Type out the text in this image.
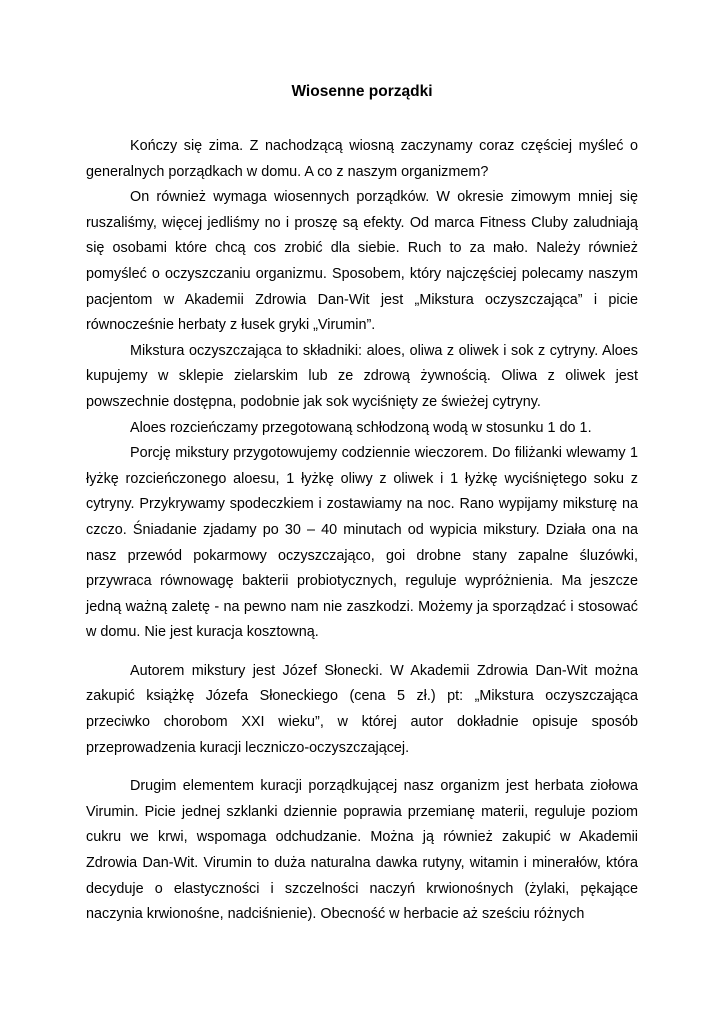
Wiosenne porządki

Kończy się zima. Z nachodzącą wiosną zaczynamy coraz częściej myśleć o generalnych porządkach w domu. A co z naszym organizmem?

On również wymaga wiosennych porządków. W okresie zimowym mniej się ruszaliśmy, więcej jedliśmy no i proszę są efekty. Od marca Fitness Cluby zaludniają się osobami które chcą cos zrobić dla siebie. Ruch to za mało. Należy również pomyśleć o oczyszczaniu organizmu. Sposobem, który najczęściej polecamy naszym pacjentom w Akademii Zdrowia Dan-Wit jest „Mikstura oczyszczająca” i picie równocześnie herbaty z łusek gryki „Virumin”.

Mikstura oczyszczająca to składniki: aloes, oliwa z oliwek i sok z cytryny. Aloes kupujemy w sklepie zielarskim lub ze zdrową żywnością. Oliwa z oliwek jest powszechnie dostępna, podobnie jak sok wyciśnięty ze świeżej cytryny.

Aloes rozcieńczamy przegotowaną schłodzoną wodą w stosunku 1 do 1.

Porcję mikstury przygotowujemy codziennie wieczorem. Do filiżanki wlewamy 1 łyżkę rozcieńczonego aloesu, 1 łyżkę oliwy z oliwek i 1 łyżkę wyciśniętego soku z cytryny. Przykrywamy spodeczkiem i zostawiamy na noc. Rano wypijamy miksturę na czczo. Śniadanie zjadamy po 30 – 40 minutach od wypicia mikstury. Działa ona na nasz przewód pokarmowy oczyszczająco, goi drobne stany zapalne śluzówki, przywraca równowagę bakterii probiotycznych, reguluje wypróżnienia. Ma jeszcze jedną ważną zaletę - na pewno nam nie zaszkodzi. Możemy ja sporządzać i stosować w domu. Nie jest kuracja kosztowną.

Autorem mikstury jest Józef Słonecki. W Akademii Zdrowia Dan-Wit można zakupić książkę Józefa Słoneckiego (cena 5 zł.) pt: „Mikstura oczyszczająca przeciwko chorobom XXI wieku”, w której autor dokładnie opisuje sposób przeprowadzenia kuracji leczniczo-oczyszczającej.

Drugim elementem kuracji porządkującej nasz organizm jest herbata ziołowa Virumin. Picie jednej szklanki dziennie poprawia przemianę materii, reguluje poziom cukru we krwi, wspomaga odchudzanie. Można ją również zakupić w Akademii Zdrowia Dan-Wit. Virumin to duża naturalna dawka rutyny, witamin i minerałów, która decyduje o elastyczności i szczelności naczyń krwionośnych (żylaki, pękające naczynia krwionośne, nadciśnienie). Obecność w herbacie aż sześciu różnych
